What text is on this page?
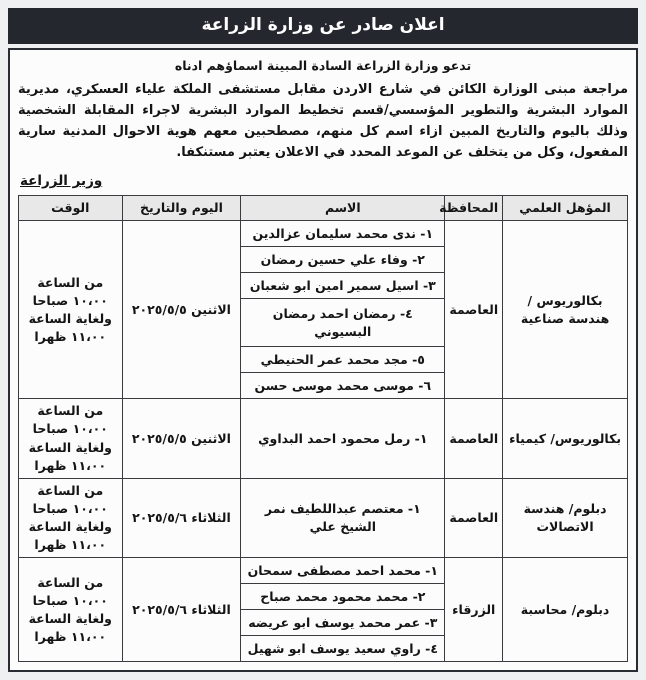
اعلان صادر عن وزارة الزراعة
تدعو وزارة الزراعة السادة المبينة اسماؤهم ادناه
مراجعة مبنى الوزارة الكائن في شارع الاردن مقابل مستشفى الملكة علياء العسكري، مديرية الموارد البشرية والتطوير المؤسسي/قسم تخطيط الموارد البشرية لاجراء المقابلة الشخصية وذلك باليوم والتاريخ المبين ازاء اسم كل منهم، مصطحبين معهم هوية الاحوال المدنية سارية المفعول، وكل من يتخلف عن الموعد المحدد في الاعلان يعتبر مستنكفا.
وزير الزراعة
المؤهل العلمي	المحافظة	الاسم	اليوم والتاريخ	الوقت
بكالوريوس / هندسة صناعية	العاصمة	١- ندى محمد سليمان عزالدين	الاثنين ٢٠٢٥/٥/٥	من الساعة ١٠،٠٠ صباحا ولغاية الساعة ١١،٠٠ ظهرا
		٢- وفاء علي حسين رمضان		
		٣- اسيل سمير امين ابو شعبان		
		٤- رمضان احمد رمضان البسيوني		
		٥- مجد محمد عمر الحنيطي		
		٦- موسى محمد موسى حسن		
بكالوريوس/ كيمياء	العاصمة	١- رمل محمود احمد البداوي	الاثنين ٢٠٢٥/٥/٥	من الساعة ١٠،٠٠ صباحا ولغاية الساعة ١١،٠٠ ظهرا
دبلوم/ هندسة الاتصالات	العاصمة	١- معتصم عبداللطيف نمر الشيخ علي	الثلاثاء ٢٠٢٥/٥/٦	من الساعة ١٠،٠٠ صباحا ولغاية الساعة ١١،٠٠ ظهرا
دبلوم/ محاسبة	الزرقاء	١- محمد احمد مصطفى سمحان	الثلاثاء ٢٠٢٥/٥/٦	من الساعة ١٠،٠٠ صباحا ولغاية الساعة ١١،٠٠ ظهرا
		٢- محمد محمود محمد صباح		
		٣- عمر محمد يوسف ابو عريضه		
		٤- راوي سعيد يوسف ابو شهيل		
